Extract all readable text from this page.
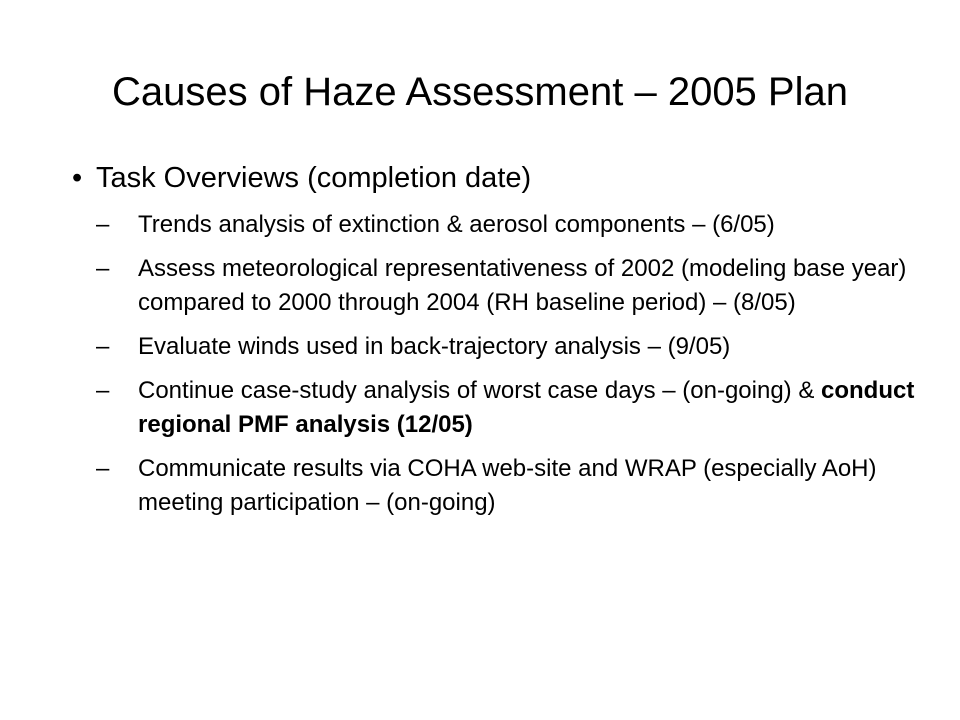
Causes of Haze Assessment – 2005 Plan
• Task Overviews (completion date)
– Trends analysis of extinction & aerosol components – (6/05)
– Assess meteorological representativeness of 2002 (modeling base year) compared to 2000 through 2004 (RH baseline period) – (8/05)
– Evaluate winds used in back-trajectory analysis – (9/05)
– Continue case-study analysis of worst case days – (on-going) & conduct regional PMF analysis (12/05)
– Communicate results via COHA web-site and WRAP (especially AoH) meeting participation – (on-going)
